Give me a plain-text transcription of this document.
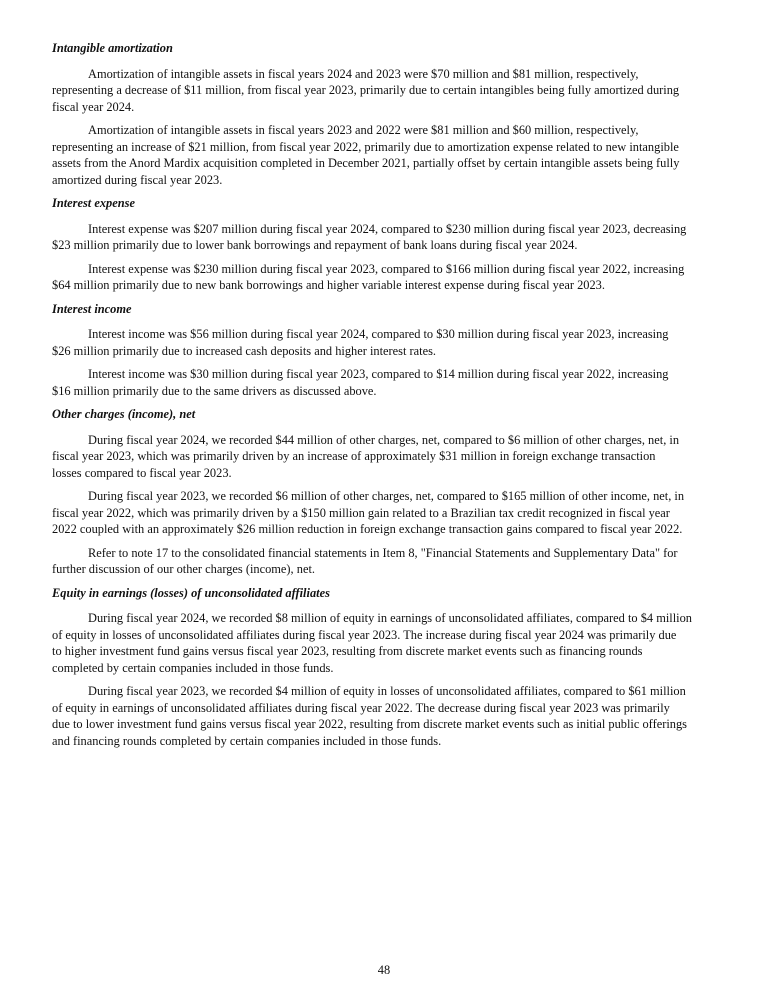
Intangible amortization
Amortization of intangible assets in fiscal years 2024 and 2023 were $70 million and $81 million, respectively,
representing a decrease of $11 million, from fiscal year 2023, primarily due to certain intangibles being fully amortized during
fiscal year 2024.
Amortization of intangible assets in fiscal years 2023 and 2022 were $81 million and $60 million, respectively,
representing an increase of $21 million, from fiscal year 2022, primarily due to amortization expense related to new intangible
assets from the Anord Mardix acquisition completed in December 2021, partially offset by certain intangible assets being fully
amortized during fiscal year 2023.
Interest expense
Interest expense was $207 million during fiscal year 2024, compared to $230 million during fiscal year 2023, decreasing
$23 million primarily due to lower bank borrowings and repayment of bank loans during fiscal year 2024.
Interest expense was $230 million during fiscal year 2023, compared to $166 million during fiscal year 2022, increasing
$64 million primarily due to new bank borrowings and higher variable interest expense during fiscal year 2023.
Interest income
Interest income was $56 million during fiscal year 2024, compared to $30 million during fiscal year 2023, increasing
$26 million primarily due to increased cash deposits and higher interest rates.
Interest income was $30 million during fiscal year 2023, compared to $14 million during fiscal year 2022, increasing
$16 million primarily due to the same drivers as discussed above.
Other charges (income), net
During fiscal year 2024, we recorded $44 million of other charges, net, compared to $6 million of other charges, net, in
fiscal year 2023, which was primarily driven by an increase of approximately $31 million in foreign exchange transaction
losses compared to fiscal year 2023.
During fiscal year 2023, we recorded $6 million of other charges, net, compared to $165 million of other income, net, in
fiscal year 2022, which was primarily driven by a $150 million gain related to a Brazilian tax credit recognized in fiscal year
2022 coupled with an approximately $26 million reduction in foreign exchange transaction gains compared to fiscal year 2022.
Refer to note 17 to the consolidated financial statements in Item 8, "Financial Statements and Supplementary Data" for
further discussion of our other charges (income), net.
Equity in earnings (losses) of unconsolidated affiliates
During fiscal year 2024, we recorded $8 million of equity in earnings of unconsolidated affiliates, compared to $4 million
of equity in losses of unconsolidated affiliates during fiscal year 2023. The increase during fiscal year 2024 was primarily due
to higher investment fund gains versus fiscal year 2023, resulting from discrete market events such as financing rounds
completed by certain companies included in those funds.
During fiscal year 2023, we recorded $4 million of equity in losses of unconsolidated affiliates, compared to $61 million
of equity in earnings of unconsolidated affiliates during fiscal year 2022. The decrease during fiscal year 2023 was primarily
due to lower investment fund gains versus fiscal year 2022, resulting from discrete market events such as initial public offerings
and financing rounds completed by certain companies included in those funds.
48
